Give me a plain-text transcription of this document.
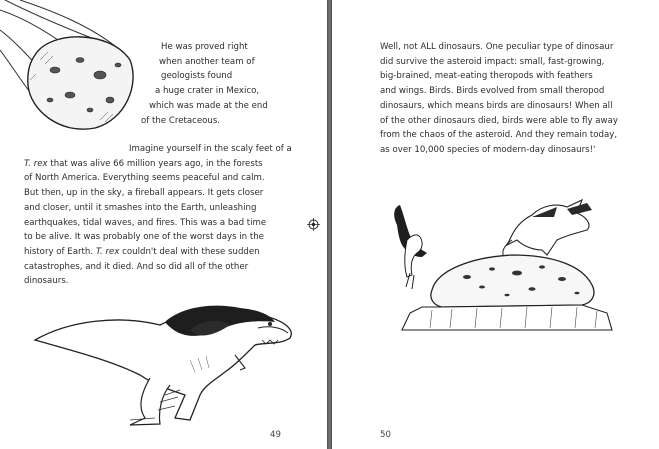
He was proved right
when another team of
geologists found
a huge crater in Mexico,
which was made at the end
of the Cretaceous.
Imagine yourself in the scaly feet of a
T. rex that was alive 66 million years ago, in the forests
of North America. Everything seems peaceful and calm.
But then, up in the sky, a fireball appears. It gets closer
and closer, until it smashes into the Earth, unleashing
earthquakes, tidal waves, and fires. This was a bad time
to be alive. It was probably one of the worst days in the
history of Earth. T. rex couldn't deal with these sudden
catastrophes, and it died. And so did all of the other
dinosaurs.
49
Well, not ALL dinosaurs. One peculiar type of dinosaur
did survive the asteroid impact: small, fast-growing,
big-brained, meat-eating theropods with feathers
and wings. Birds. Birds evolved from small theropod
dinosaurs, which means birds are dinosaurs! When all
of the other dinosaurs died, birds were able to fly away
from the chaos of the asteroid. And they remain today,
as over 10,000 species of modern-day dinosaurs!'
50
